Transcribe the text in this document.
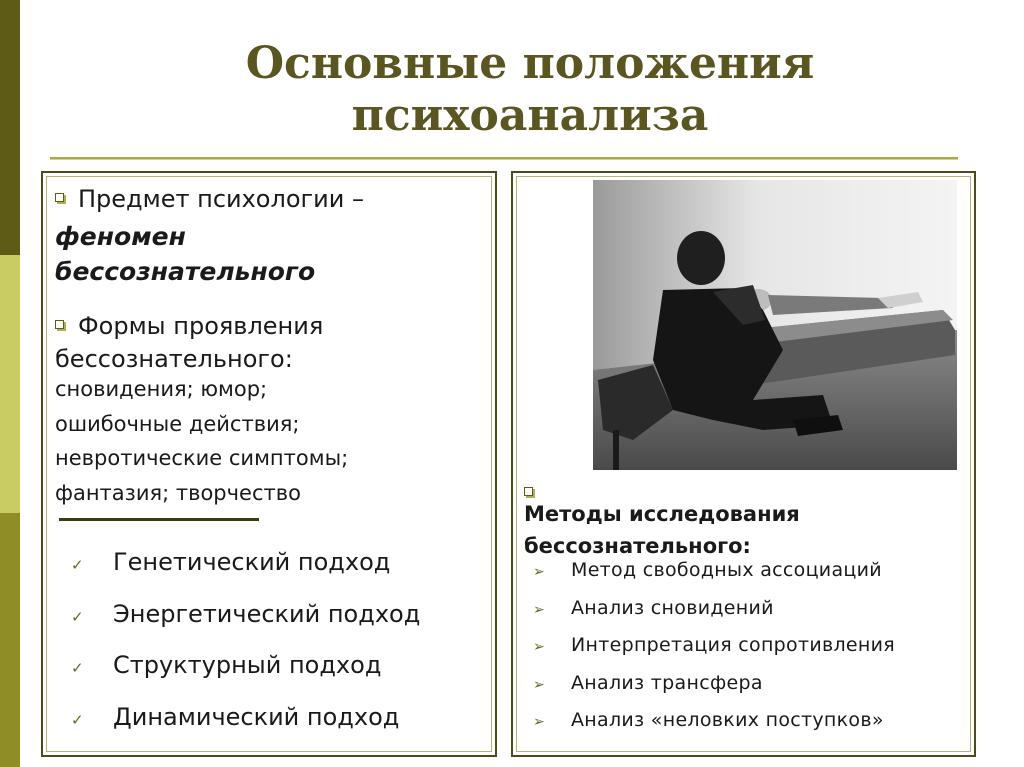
Основные положения
психоанализа
Предмет психологии –
феномен
бессознательного
Формы проявления
бессознательного:
сновидения; юмор;
ошибочные действия;
невротические симптомы;
фантазия; творчество
✓ Генетический подход
✓ Энергетический подход
✓ Структурный подход
✓ Динамический подход
Методы исследования
бессознательного:
➢ Метод свободных ассоциаций
➢ Анализ сновидений
➢ Интерпретация сопротивления
➢ Анализ трансфера
➢ Анализ «неловких поступков»
